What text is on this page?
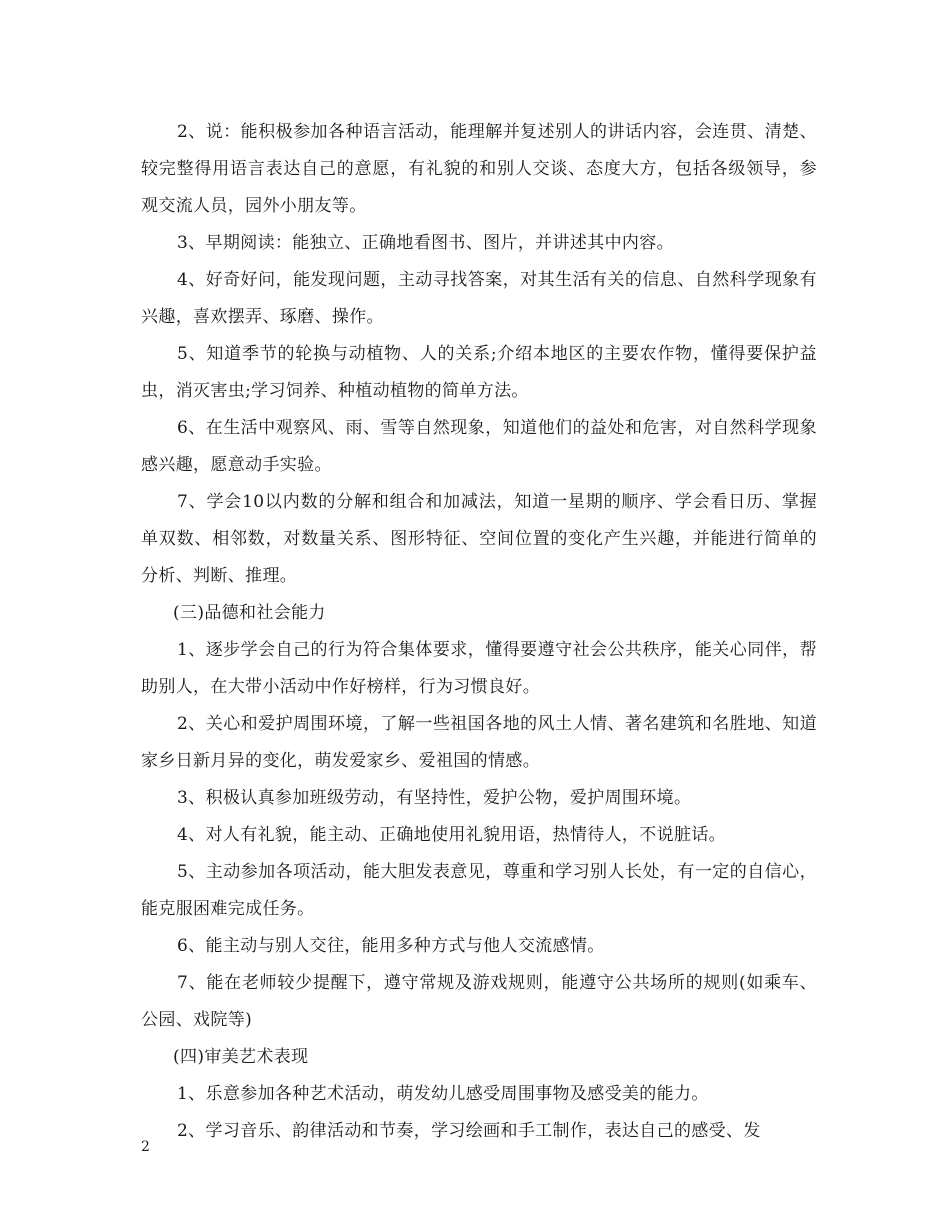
2、说：能积极参加各种语言活动，能理解并复述别人的讲话内容，会连贯、清楚、较完整得用语言表达自己的意愿，有礼貌的和别人交谈、态度大方，包括各级领导，参观交流人员，园外小朋友等。

3、早期阅读：能独立、正确地看图书、图片，并讲述其中内容。

4、好奇好问，能发现问题，主动寻找答案，对其生活有关的信息、自然科学现象有兴趣，喜欢摆弄、琢磨、操作。

5、知道季节的轮换与动植物、人的关系;介绍本地区的主要农作物，懂得要保护益虫，消灭害虫;学习饲养、种植动植物的简单方法。

6、在生活中观察风、雨、雪等自然现象，知道他们的益处和危害，对自然科学现象感兴趣，愿意动手实验。

7、学会10以内数的分解和组合和加减法，知道一星期的顺序、学会看日历、掌握单双数、相邻数，对数量关系、图形特征、空间位置的变化产生兴趣，并能进行简单的分析、判断、推理。

(三)品德和社会能力

1、逐步学会自己的行为符合集体要求，懂得要遵守社会公共秩序，能关心同伴，帮助别人，在大带小活动中作好榜样，行为习惯良好。

2、关心和爱护周围环境，了解一些祖国各地的风土人情、著名建筑和名胜地、知道家乡日新月异的变化，萌发爱家乡、爱祖国的情感。

3、积极认真参加班级劳动，有坚持性，爱护公物，爱护周围环境。

4、对人有礼貌，能主动、正确地使用礼貌用语，热情待人，不说脏话。

5、主动参加各项活动，能大胆发表意见，尊重和学习别人长处，有一定的自信心，能克服困难完成任务。

6、能主动与别人交往，能用多种方式与他人交流感情。

7、能在老师较少提醒下，遵守常规及游戏规则，能遵守公共场所的规则(如乘车、公园、戏院等)

(四)审美艺术表现

1、乐意参加各种艺术活动，萌发幼儿感受周围事物及感受美的能力。

2、学习音乐、韵律活动和节奏，学习绘画和手工制作，表达自己的感受、发

2
